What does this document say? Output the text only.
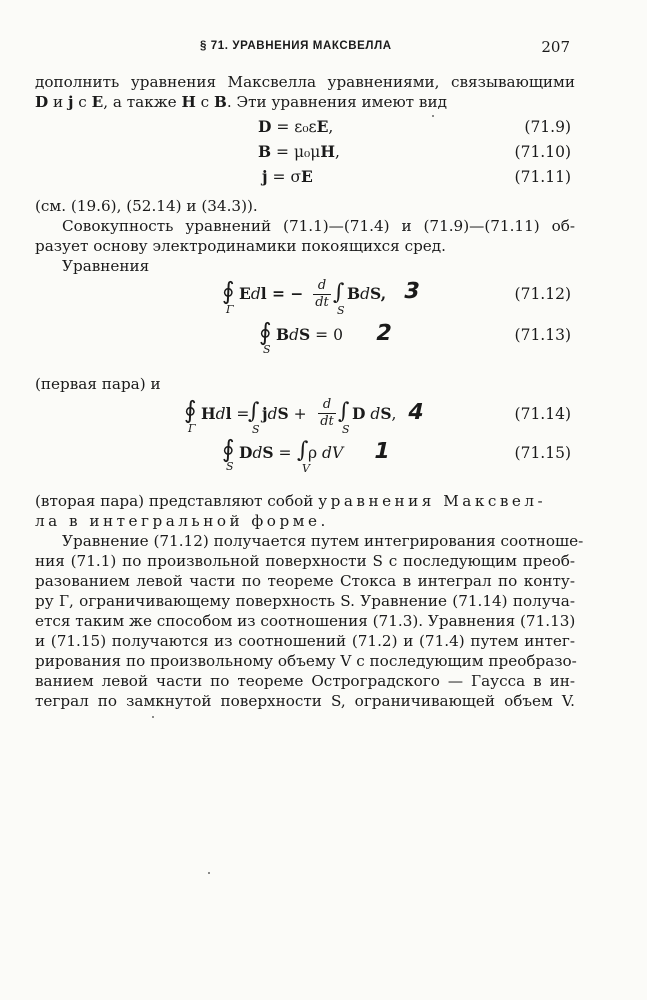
§ 71. УРАВНЕНИЯ МАКСВЕЛЛА	207
дополнить уравнения Максвелла уравнениями, связывающими
D и j с E, а также H с B. Эти уравнения имеют вид
D = ε₀εE,	(71.9)
B = μ₀μH,	(71.10)
j = σE	(71.11)
(см. (19.6), (52.14) и (34.3)).
Совокупность уравнений (71.1)—(71.4) и (71.9)—(71.11) об-
разует основу электродинамики покоящихся сред.
Уравнения
∮
Γ
Edl = −	d
dt ∫
S
BdS, 3	(71.12)
∮
S
BdS = 0 2	(71.13)
(первая пара) и
∮
Γ
Hdl =
∫
S
jdS +
d
dt ∫
S
D dS, 4	(71.14)
∮
S
DdS = ∫
V
ρ dV 1	(71.15)
(вторая пара) представляют собой уравнения Максвел-
ла в интегральной форме.
Уравнение (71.12) получается путем интегрирования соотноше-
ния (71.1) по произвольной поверхности S с последующим преоб-
разованием левой части по теореме Стокса в интеграл по конту-
ру Г, ограничивающему поверхность S. Уравнение (71.14) получа-
ется таким же способом из соотношения (71.3). Уравнения (71.13)
и (71.15) получаются из соотношений (71.2) и (71.4) путем интег-
рирования по произвольному объему V с последующим преобразо-
ванием левой части по теореме Остроградского — Гаусса в ин-
теграл по замкнутой поверхности S, ограничивающей объем V.
